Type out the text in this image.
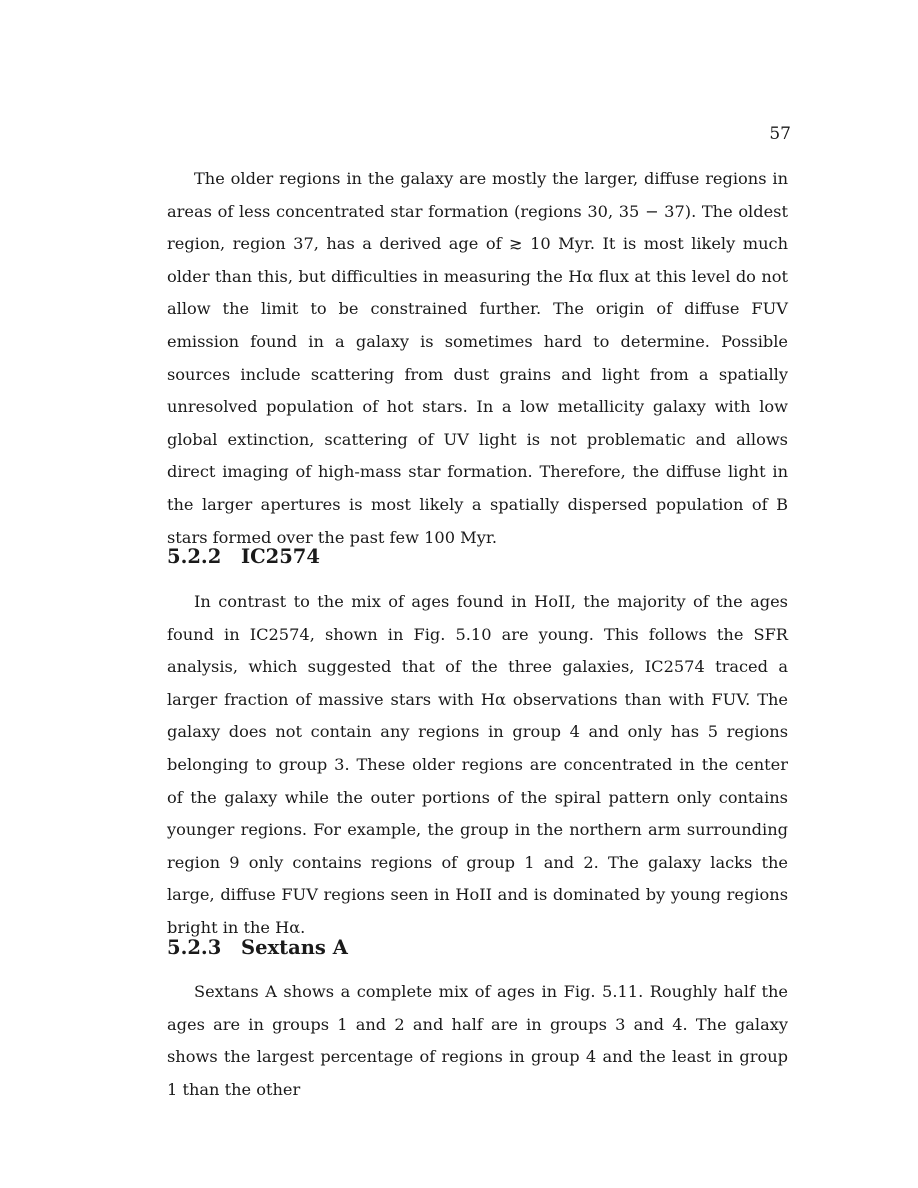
57

The older regions in the galaxy are mostly the larger, diffuse regions in areas of less concentrated star formation (regions 30, 35 − 37). The oldest region, region 37, has a derived age of ≳ 10 Myr. It is most likely much older than this, but difficulties in measuring the Hα flux at this level do not allow the limit to be constrained further. The origin of diffuse FUV emission found in a galaxy is sometimes hard to determine. Possible sources include scattering from dust grains and light from a spatially unresolved population of hot stars. In a low metallicity galaxy with low global extinction, scattering of UV light is not problematic and allows direct imaging of high-mass star formation. Therefore, the diffuse light in the larger apertures is most likely a spatially dispersed population of B stars formed over the past few 100 Myr.

5.2.2 IC2574

In contrast to the mix of ages found in HoII, the majority of the ages found in IC2574, shown in Fig. 5.10 are young. This follows the SFR analysis, which suggested that of the three galaxies, IC2574 traced a larger fraction of massive stars with Hα observations than with FUV. The galaxy does not contain any regions in group 4 and only has 5 regions belonging to group 3. These older regions are concentrated in the center of the galaxy while the outer portions of the spiral pattern only contains younger regions. For example, the group in the northern arm surrounding region 9 only contains regions of group 1 and 2. The galaxy lacks the large, diffuse FUV regions seen in HoII and is dominated by young regions bright in the Hα.

5.2.3 Sextans A

Sextans A shows a complete mix of ages in Fig. 5.11. Roughly half the ages are in groups 1 and 2 and half are in groups 3 and 4. The galaxy shows the largest percentage of regions in group 4 and the least in group 1 than the other
